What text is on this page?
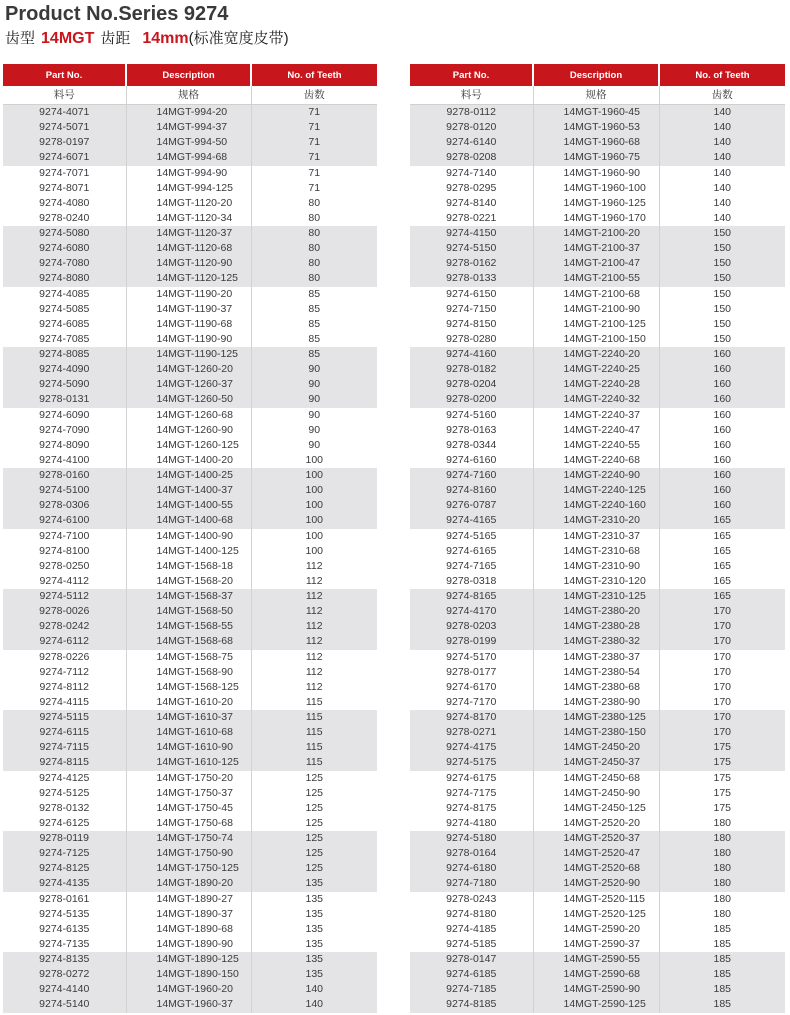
Product No.Series 9274
齿型 14MGT 齿距 14mm(标准宽度皮带)
Part No.	Description	No. of Teeth
料号	规格	齿数
9274-4071	14MGT-994-20	71
9274-5071	14MGT-994-37	71
9278-0197	14MGT-994-50	71
9274-6071	14MGT-994-68	71
9274-7071	14MGT-994-90	71
9274-8071	14MGT-994-125	71
9274-4080	14MGT-1120-20	80
9278-0240	14MGT-1120-34	80
9274-5080	14MGT-1120-37	80
9274-6080	14MGT-1120-68	80
9274-7080	14MGT-1120-90	80
9274-8080	14MGT-1120-125	80
9274-4085	14MGT-1190-20	85
9274-5085	14MGT-1190-37	85
9274-6085	14MGT-1190-68	85
9274-7085	14MGT-1190-90	85
9274-8085	14MGT-1190-125	85
9274-4090	14MGT-1260-20	90
9274-5090	14MGT-1260-37	90
9278-0131	14MGT-1260-50	90
9274-6090	14MGT-1260-68	90
9274-7090	14MGT-1260-90	90
9274-8090	14MGT-1260-125	90
9274-4100	14MGT-1400-20	100
9278-0160	14MGT-1400-25	100
9274-5100	14MGT-1400-37	100
9278-0306	14MGT-1400-55	100
9274-6100	14MGT-1400-68	100
9274-7100	14MGT-1400-90	100
9274-8100	14MGT-1400-125	100
9278-0250	14MGT-1568-18	112
9274-4112	14MGT-1568-20	112
9274-5112	14MGT-1568-37	112
9278-0026	14MGT-1568-50	112
9278-0242	14MGT-1568-55	112
9274-6112	14MGT-1568-68	112
9278-0226	14MGT-1568-75	112
9274-7112	14MGT-1568-90	112
9274-8112	14MGT-1568-125	112
9274-4115	14MGT-1610-20	115
9274-5115	14MGT-1610-37	115
9274-6115	14MGT-1610-68	115
9274-7115	14MGT-1610-90	115
9274-8115	14MGT-1610-125	115
9274-4125	14MGT-1750-20	125
9274-5125	14MGT-1750-37	125
9278-0132	14MGT-1750-45	125
9274-6125	14MGT-1750-68	125
9278-0119	14MGT-1750-74	125
9274-7125	14MGT-1750-90	125
9274-8125	14MGT-1750-125	125
9274-4135	14MGT-1890-20	135
9278-0161	14MGT-1890-27	135
9274-5135	14MGT-1890-37	135
9274-6135	14MGT-1890-68	135
9274-7135	14MGT-1890-90	135
9274-8135	14MGT-1890-125	135
9278-0272	14MGT-1890-150	135
9274-4140	14MGT-1960-20	140
9274-5140	14MGT-1960-37	140
Part No.	Description	No. of Teeth
料号	规格	齿数
9278-0112	14MGT-1960-45	140
9278-0120	14MGT-1960-53	140
9274-6140	14MGT-1960-68	140
9278-0208	14MGT-1960-75	140
9274-7140	14MGT-1960-90	140
9278-0295	14MGT-1960-100	140
9274-8140	14MGT-1960-125	140
9278-0221	14MGT-1960-170	140
9274-4150	14MGT-2100-20	150
9274-5150	14MGT-2100-37	150
9278-0162	14MGT-2100-47	150
9278-0133	14MGT-2100-55	150
9274-6150	14MGT-2100-68	150
9274-7150	14MGT-2100-90	150
9274-8150	14MGT-2100-125	150
9278-0280	14MGT-2100-150	150
9274-4160	14MGT-2240-20	160
9278-0182	14MGT-2240-25	160
9278-0204	14MGT-2240-28	160
9278-0200	14MGT-2240-32	160
9274-5160	14MGT-2240-37	160
9278-0163	14MGT-2240-47	160
9278-0344	14MGT-2240-55	160
9274-6160	14MGT-2240-68	160
9274-7160	14MGT-2240-90	160
9274-8160	14MGT-2240-125	160
9276-0787	14MGT-2240-160	160
9274-4165	14MGT-2310-20	165
9274-5165	14MGT-2310-37	165
9274-6165	14MGT-2310-68	165
9274-7165	14MGT-2310-90	165
9278-0318	14MGT-2310-120	165
9274-8165	14MGT-2310-125	165
9274-4170	14MGT-2380-20	170
9278-0203	14MGT-2380-28	170
9278-0199	14MGT-2380-32	170
9274-5170	14MGT-2380-37	170
9278-0177	14MGT-2380-54	170
9274-6170	14MGT-2380-68	170
9274-7170	14MGT-2380-90	170
9274-8170	14MGT-2380-125	170
9278-0271	14MGT-2380-150	170
9274-4175	14MGT-2450-20	175
9274-5175	14MGT-2450-37	175
9274-6175	14MGT-2450-68	175
9274-7175	14MGT-2450-90	175
9274-8175	14MGT-2450-125	175
9274-4180	14MGT-2520-20	180
9274-5180	14MGT-2520-37	180
9278-0164	14MGT-2520-47	180
9274-6180	14MGT-2520-68	180
9274-7180	14MGT-2520-90	180
9278-0243	14MGT-2520-115	180
9274-8180	14MGT-2520-125	180
9274-4185	14MGT-2590-20	185
9274-5185	14MGT-2590-37	185
9278-0147	14MGT-2590-55	185
9274-6185	14MGT-2590-68	185
9274-7185	14MGT-2590-90	185
9274-8185	14MGT-2590-125	185
